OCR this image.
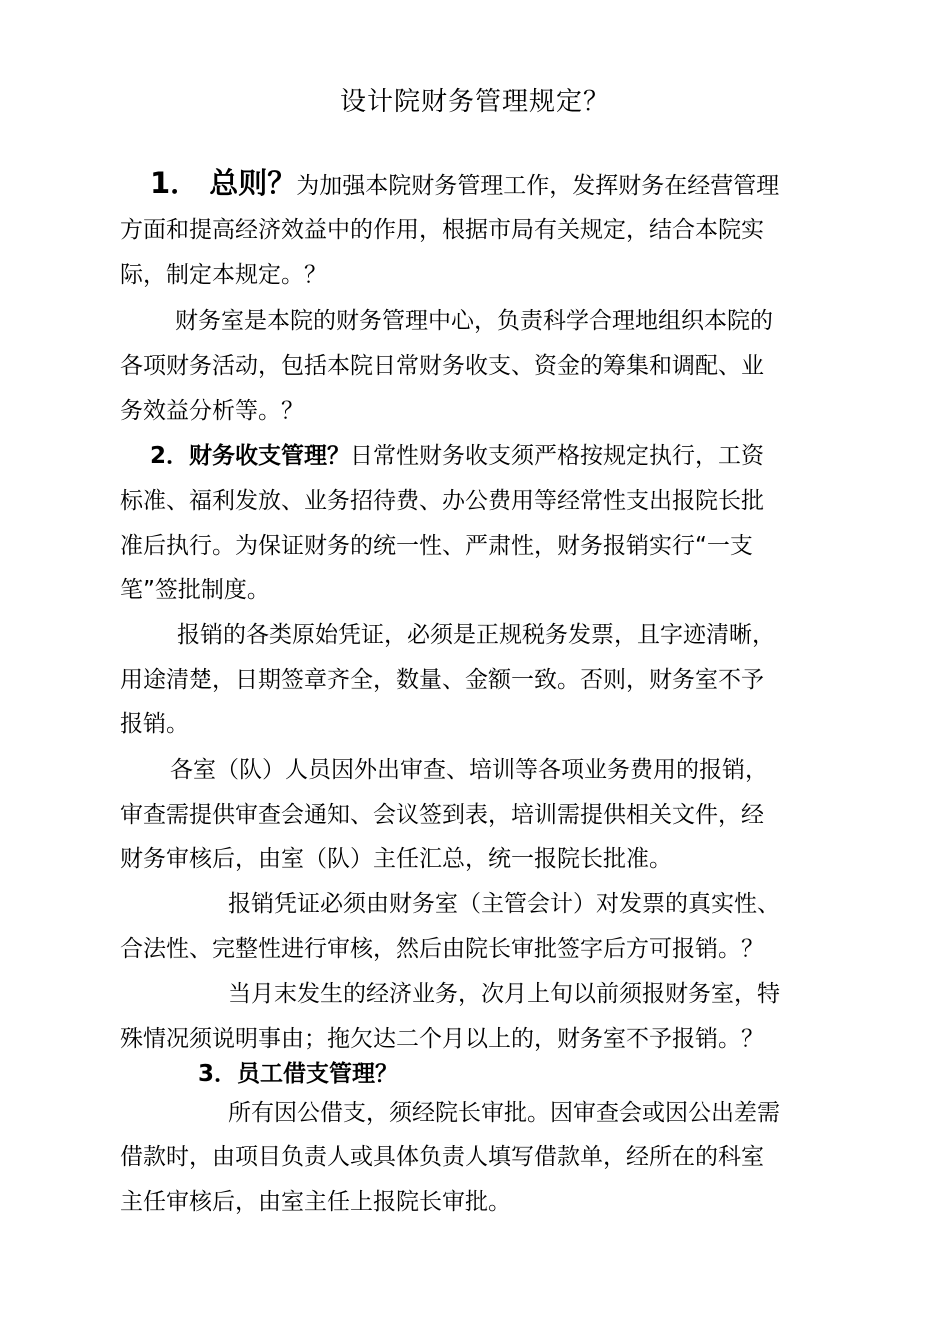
设计院财务管理规定？
1． 总则？为加强本院财务管理工作，发挥财务在经营管理
方面和提高经济效益中的作用，根据市局有关规定，结合本院实
际，制定本规定。？
财务室是本院的财务管理中心，负责科学合理地组织本院的
各项财务活动，包括本院日常财务收支、资金的筹集和调配、业
务效益分析等。？
2．财务收支管理？日常性财务收支须严格按规定执行，工资
标准、福利发放、业务招待费、办公费用等经常性支出报院长批
准后执行。为保证财务的统一性、严肃性，财务报销实行“一支
笔”签批制度。
报销的各类原始凭证，必须是正规税务发票，且字迹清晰，
用途清楚，日期签章齐全，数量、金额一致。否则，财务室不予
报销。
各室（队）人员因外出审查、培训等各项业务费用的报销，
审查需提供审查会通知、会议签到表，培训需提供相关文件，经
财务审核后，由室（队）主任汇总，统一报院长批准。
报销凭证必须由财务室（主管会计）对发票的真实性、
合法性、完整性进行审核，然后由院长审批签字后方可报销。？
当月末发生的经济业务，次月上旬以前须报财务室，特
殊情况须说明事由；拖欠达二个月以上的，财务室不予报销。？
3．员工借支管理？
所有因公借支，须经院长审批。因审查会或因公出差需
借款时，由项目负责人或具体负责人填写借款单，经所在的科室
主任审核后，由室主任上报院长审批。
